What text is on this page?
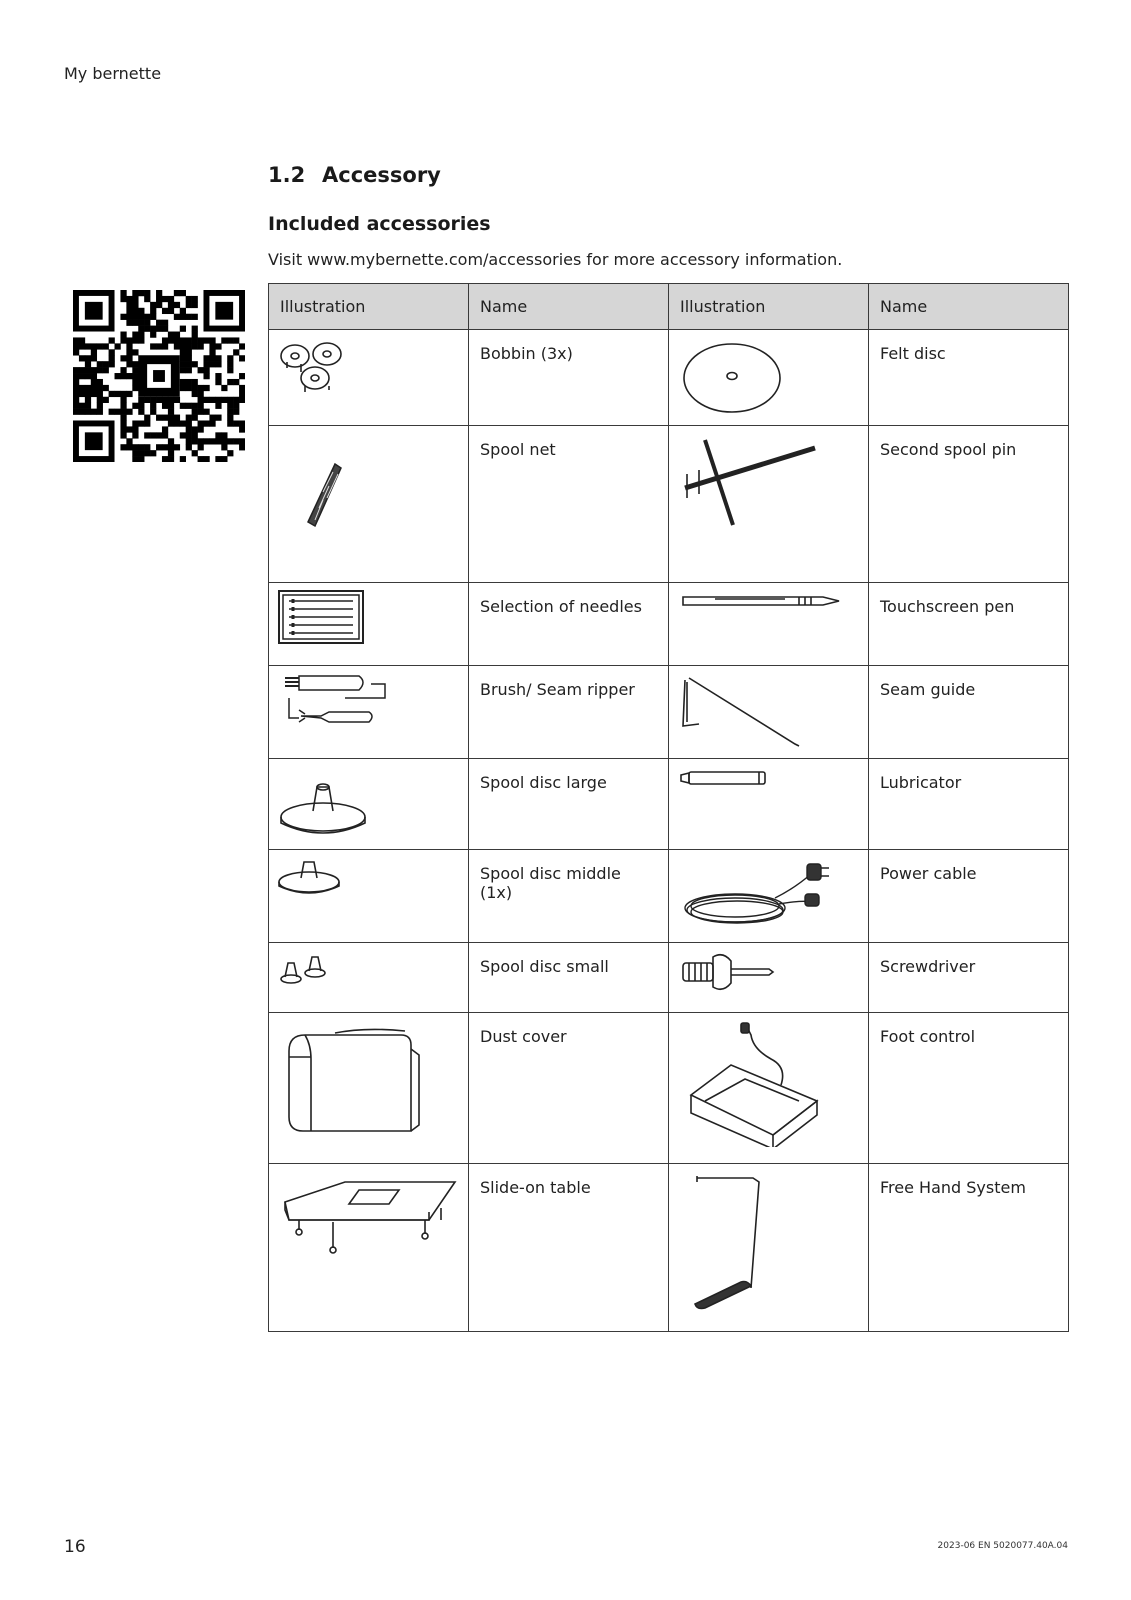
My bernette
1.2 Accessory
Included accessories
Visit www.mybernette.com/accessories for more accessory information.
Illustration	Name	Illustration	Name

	Bobbin (3x)		Felt disc

	Spool net		Second spool pin

	Selection of needles		Touchscreen pen

	Brush/ Seam ripper		Seam guide

	Spool disc large		Lubricator

	Spool disc middle (1x)		Power cable

	Spool disc small		Screwdriver

	Dust cover		Foot control

	Slide-on table		Free Hand System
16	2023-06 EN 5020077.40A.04
